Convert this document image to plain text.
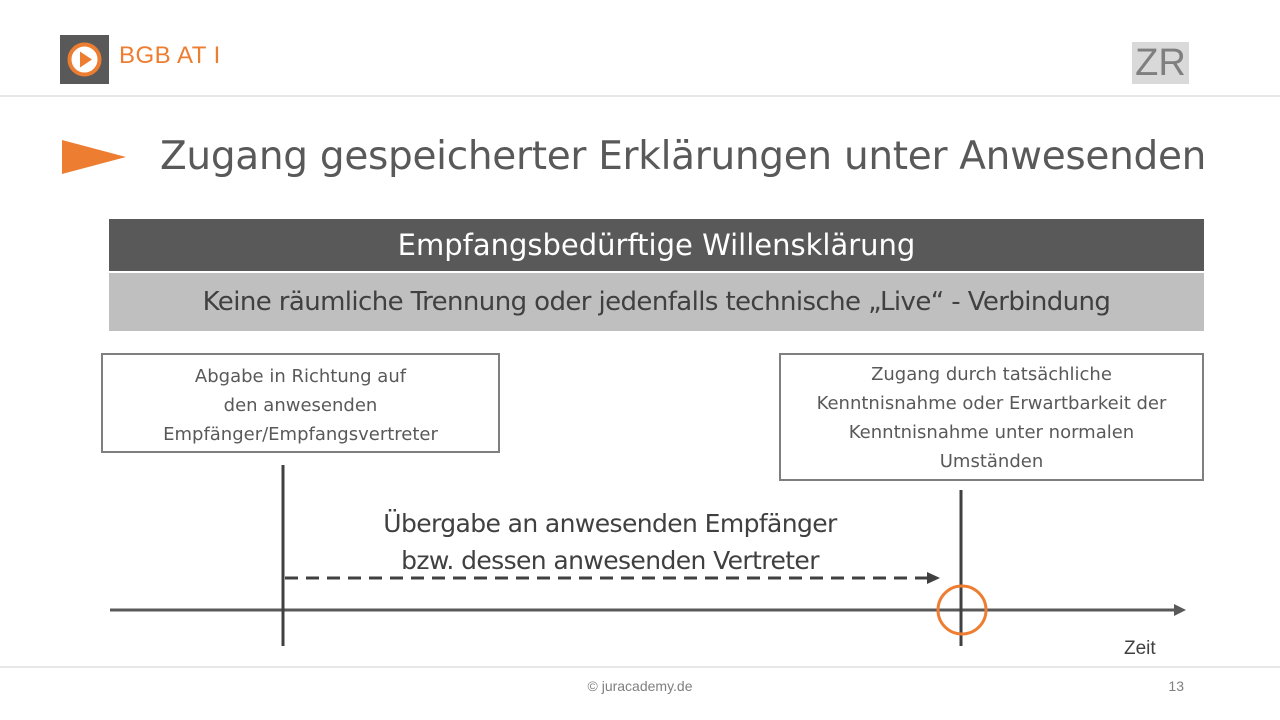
BGB AT I	ZR
Zugang gespeicherter Erklärungen unter Anwesenden
Empfangsbedürftige Willensklärung
Keine räumliche Trennung oder jedenfalls technische „Live“ - Verbindung
Abgabe in Richtung auf
den anwesenden
Empfänger/Empfangsvertreter
Zugang durch tatsächliche
Kenntnisnahme oder Erwartbarkeit der
Kenntnisnahme unter normalen
Umständen
Übergabe an anwesenden Empfänger
bzw. dessen anwesenden Vertreter
Zeit
© juracademy.de	13
